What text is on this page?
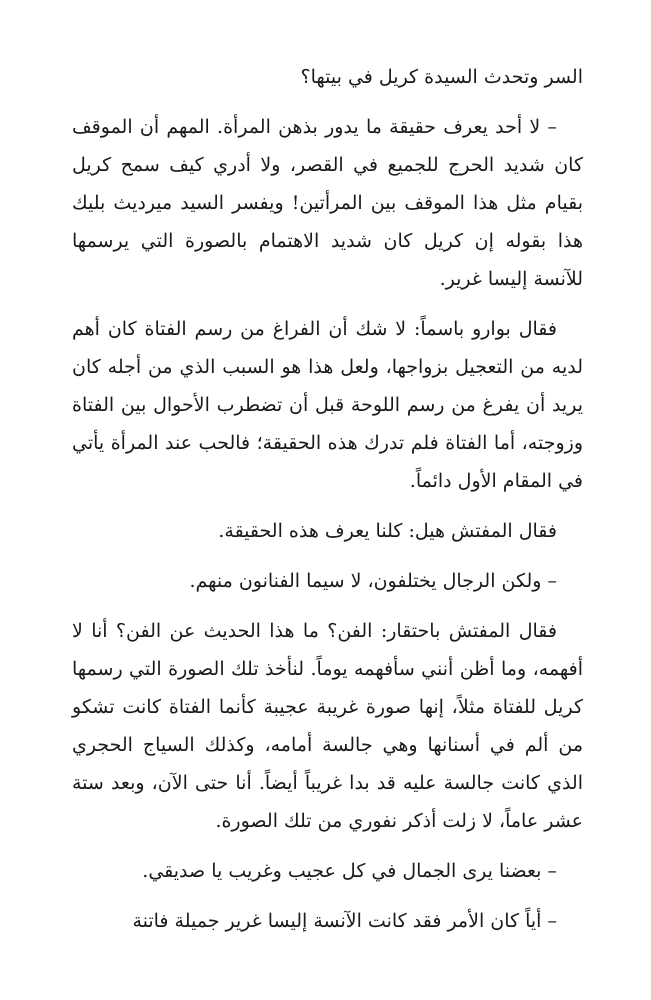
السر وتحدث السيدة كريل في بيتها؟

– لا أحد يعرف حقيقة ما يدور بذهن المرأة. المهم أن الموقف كان شديد الحرج للجميع في القصر، ولا أدري كيف سمح كريل بقيام مثل هذا الموقف بين المرأتين! ويفسر السيد ميرديث بليك هذا بقوله إن كريل كان شديد الاهتمام بالصورة التي يرسمها للآنسة إليسا غرير.

فقال بوارو باسماً: لا شك أن الفراغ من رسم الفتاة كان أهم لديه من التعجيل بزواجها، ولعل هذا هو السبب الذي من أجله كان يريد أن يفرغ من رسم اللوحة قبل أن تضطرب الأحوال بين الفتاة وزوجته، أما الفتاة فلم تدرك هذه الحقيقة؛ فالحب عند المرأة يأتي في المقام الأول دائماً.

فقال المفتش هيل: كلنا يعرف هذه الحقيقة.

– ولكن الرجال يختلفون، لا سيما الفنانون منهم.

فقال المفتش باحتقار: الفن؟ ما هذا الحديث عن الفن؟ أنا لا أفهمه، وما أظن أنني سأفهمه يوماً. لنأخذ تلك الصورة التي رسمها كريل للفتاة مثلاً، إنها صورة غريبة عجيبة كأنما الفتاة كانت تشكو من ألم في أسنانها وهي جالسة أمامه، وكذلك السياج الحجري الذي كانت جالسة عليه قد بدا غريباً أيضاً. أنا حتى الآن، وبعد ستة عشر عاماً، لا زلت أذكر نفوري من تلك الصورة.

– بعضنا يرى الجمال في كل عجيب وغريب يا صديقي.

– أياً كان الأمر فقد كانت الآنسة إليسا غرير جميلة فاتنة
